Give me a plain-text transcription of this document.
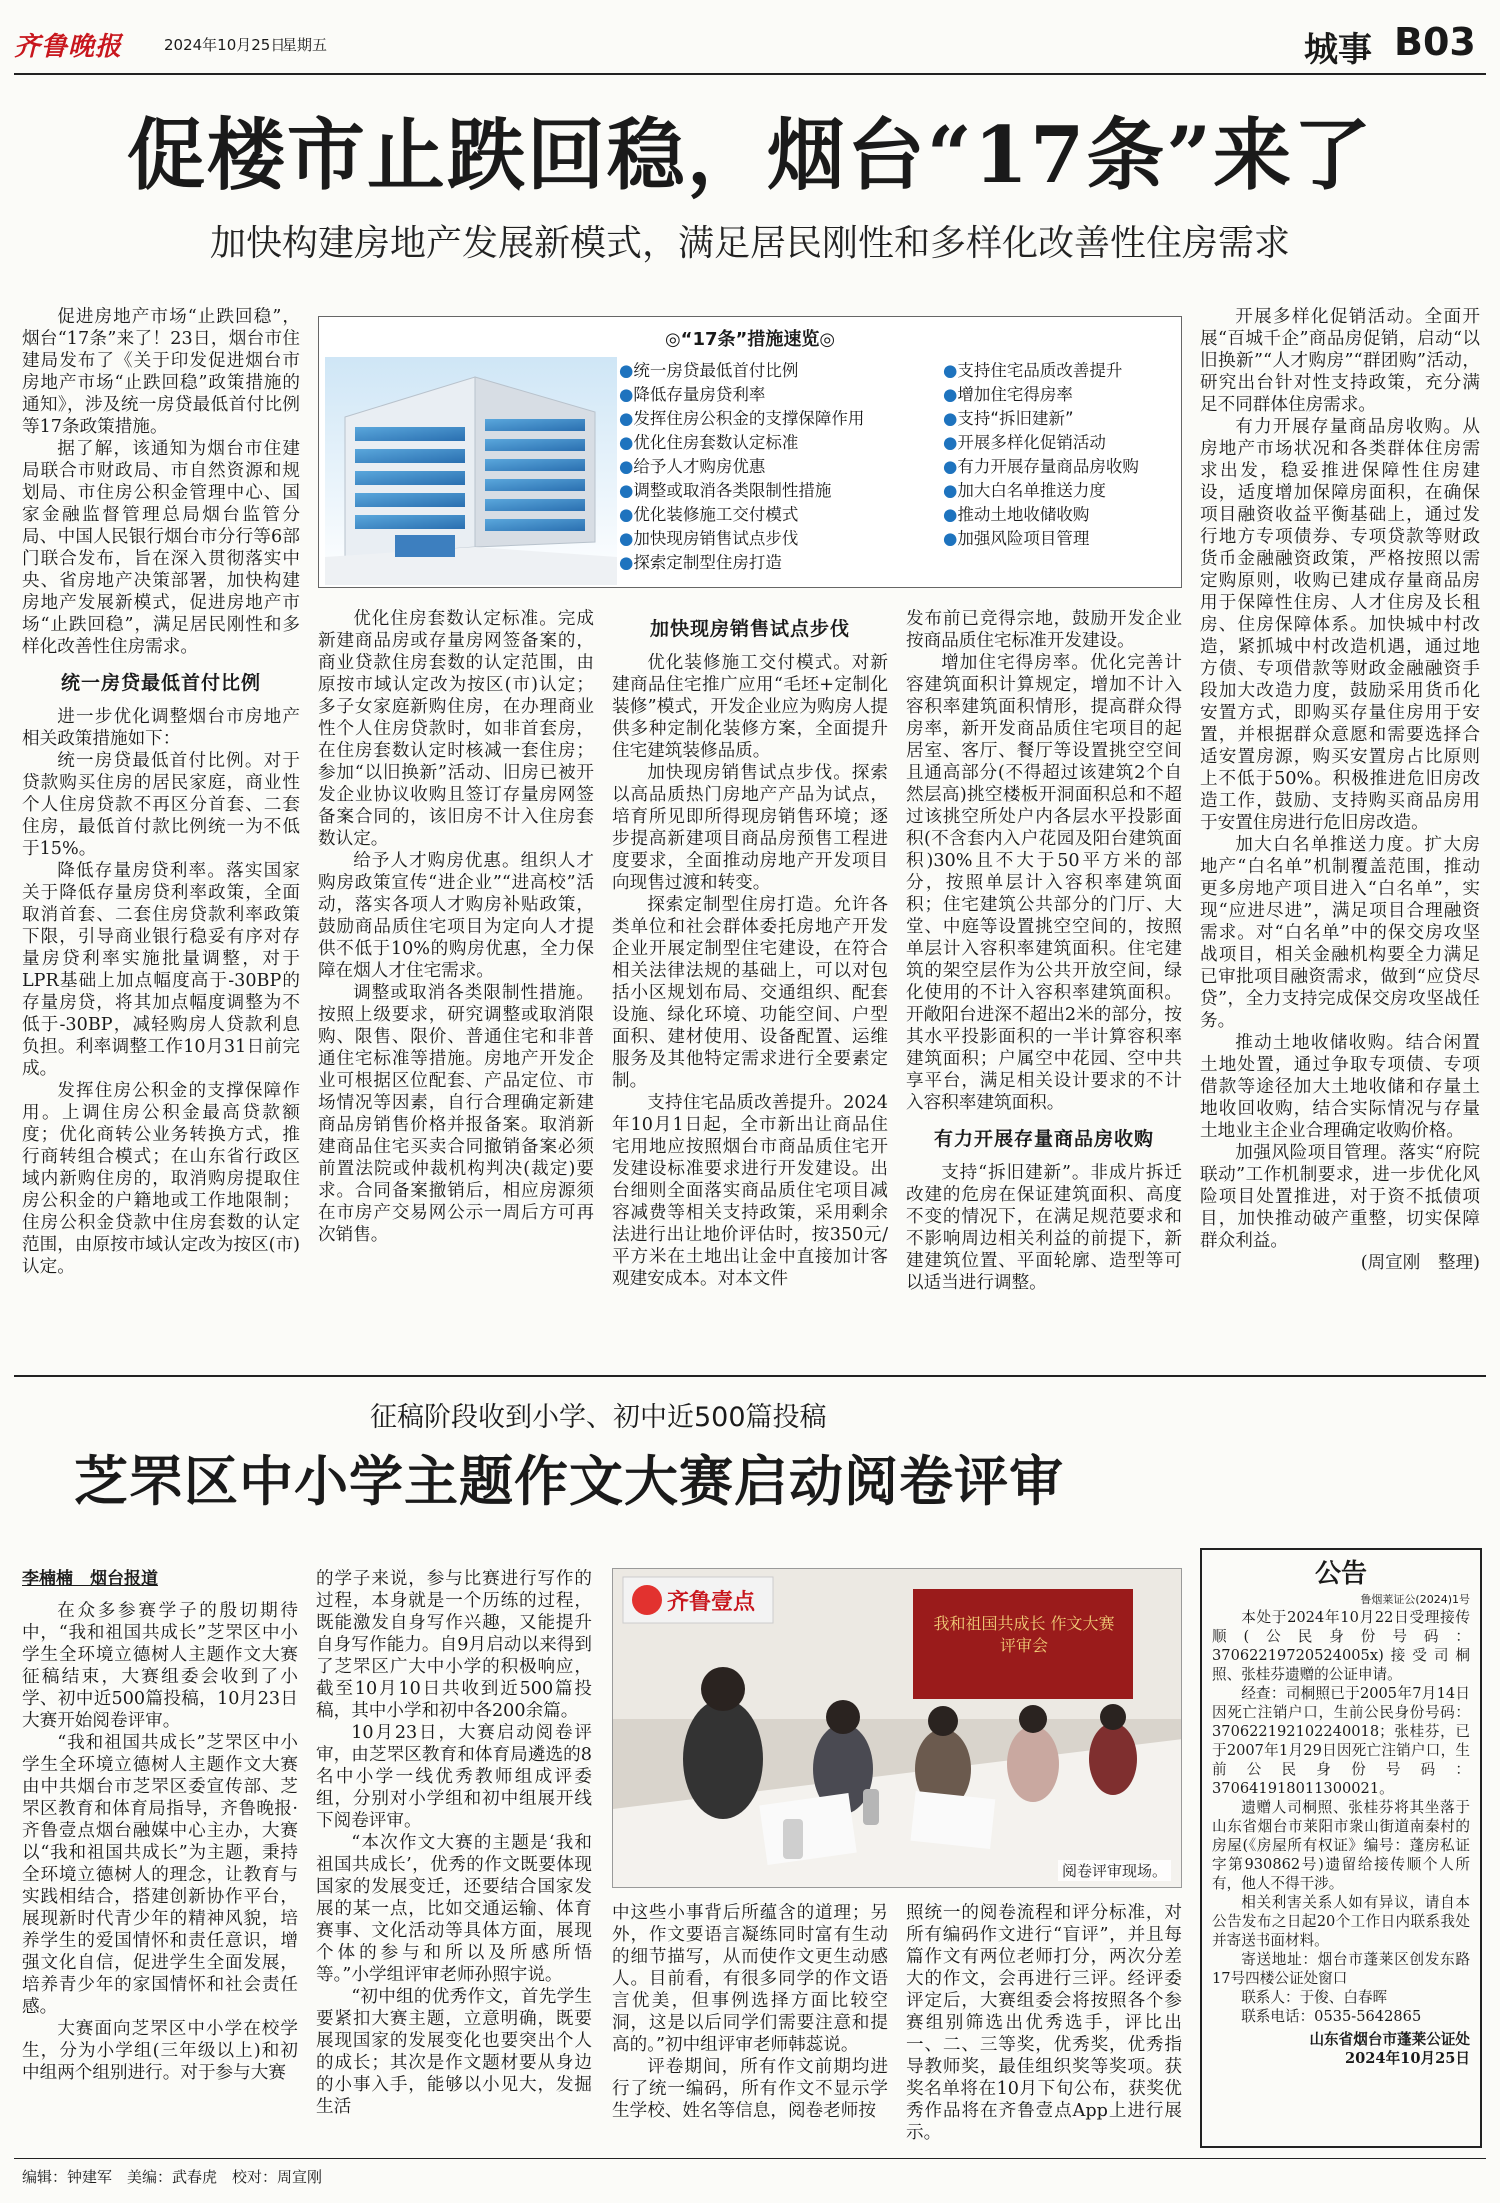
齐鲁晚报	2024年10月25日
星期五	城事 B03
促楼市止跌回稳，烟台“17条”来了
加快构建房地产发展新模式，满足居民刚性和多样化改善性住房需求
◎“17条”措施速览◎
●统一房贷最低首付比例
●降低存量房贷利率
●发挥住房公积金的支撑保障作用
●优化住房套数认定标准
●给予人才购房优惠
●调整或取消各类限制性措施
●优化装修施工交付模式
●加快现房销售试点步伐
●探索定制型住房打造
●支持住宅品质改善提升
●增加住宅得房率
●支持“拆旧建新”
●开展多样化促销活动
●有力开展存量商品房收购
●加大白名单推送力度
●推动土地收储收购
●加强风险项目管理

促进房地产市场“止跌回稳”，烟台“17条”来了！23日，烟台市住建局发布了《关于印发促进烟台市房地产市场“止跌回稳”政策措施的通知》，涉及统一房贷最低首付比例等17条政策措施。

据了解，该通知为烟台市住建局联合市财政局、市自然资源和规划局、市住房公积金管理中心、国家金融监督管理总局烟台监管分局、中国人民银行烟台市分行等6部门联合发布，旨在深入贯彻落实中央、省房地产决策部署，加快构建房地产发展新模式，促进房地产市场“止跌回稳”，满足居民刚性和多样化改善性住房需求。

统一房贷最低首付比例

进一步优化调整烟台市房地产相关政策措施如下：

统一房贷最低首付比例。对于贷款购买住房的居民家庭，商业性个人住房贷款不再区分首套、二套住房，最低首付款比例统一为不低于15%。

降低存量房贷利率。落实国家关于降低存量房贷利率政策，全面取消首套、二套住房贷款利率政策下限，引导商业银行稳妥有序对存量房贷利率实施批量调整，对于LPR基础上加点幅度高于-30BP的存量房贷，将其加点幅度调整为不低于-30BP，减轻购房人贷款利息负担。利率调整工作10月31日前完成。

发挥住房公积金的支撑保障作用。上调住房公积金最高贷款额度；优化商转公业务转换方式，推行商转组合模式；在山东省行政区域内新购住房的，取消购房提取住房公积金的户籍地或工作地限制；住房公积金贷款中住房套数的认定范围，由原按市域认定改为按区(市)认定。

优化住房套数认定标准。完成新建商品房或存量房网签备案的，商业贷款住房套数的认定范围，由原按市域认定改为按区(市)认定；多子女家庭新购住房，在办理商业性个人住房贷款时，如非首套房，在住房套数认定时核减一套住房；参加“以旧换新”活动、旧房已被开发企业协议收购且签订存量房网签备案合同的，该旧房不计入住房套数认定。

给予人才购房优惠。组织人才购房政策宣传“进企业”“进高校”活动，落实各项人才购房补贴政策，鼓励商品质住宅项目为定向人才提供不低于10%的购房优惠，全力保障在烟人才住宅需求。

调整或取消各类限制性措施。按照上级要求，研究调整或取消限购、限售、限价、普通住宅和非普通住宅标准等措施。房地产开发企业可根据区位配套、产品定位、市场情况等因素，自行合理确定新建商品房销售价格并报备案。取消新建商品住宅买卖合同撤销备案必须前置法院或仲裁机构判决(裁定)要求。合同备案撤销后，相应房源须在市房产交易网公示一周后方可再次销售。

加快现房销售试点步伐

优化装修施工交付模式。对新建商品住宅推广应用“毛坯+定制化装修”模式，开发企业应为购房人提供多种定制化装修方案，全面提升住宅建筑装修品质。

加快现房销售试点步伐。探索以高品质热门房地产产品为试点，培育所见即所得现房销售环境；逐步提高新建项目商品房预售工程进度要求，全面推动房地产开发项目向现售过渡和转变。

探索定制型住房打造。允许各类单位和社会群体委托房地产开发企业开展定制型住宅建设，在符合相关法律法规的基础上，可以对包括小区规划布局、交通组织、配套设施、绿化环境、功能空间、户型面积、建材使用、设备配置、运维服务及其他特定需求进行全要素定制。

支持住宅品质改善提升。2024年10月1日起，全市新出让商品住宅用地应按照烟台市商品质住宅开发建设标准要求进行开发建设。出台细则全面落实商品质住宅项目减容减费等相关支持政策，采用剩余法进行出让地价评估时，按350元/平方米在土地出让金中直接加计客观建安成本。对本文件

发布前已竞得宗地，鼓励开发企业按商品质住宅标准开发建设。

增加住宅得房率。优化完善计容建筑面积计算规定，增加不计入容积率建筑面积情形，提高群众得房率，新开发商品质住宅项目的起居室、客厅、餐厅等设置挑空空间且通高部分(不得超过该建筑2个自然层高)挑空楼板开洞面积总和不超过该挑空所处户内各层水平投影面积(不含套内入户花园及阳台建筑面积)30%且不大于50平方米的部分，按照单层计入容积率建筑面积；住宅建筑公共部分的门厅、大堂、中庭等设置挑空空间的，按照单层计入容积率建筑面积。住宅建筑的架空层作为公共开放空间，绿化使用的不计入容积率建筑面积。开敞阳台进深不超出2米的部分，按其水平投影面积的一半计算容积率建筑面积；户属空中花园、空中共享平台，满足相关设计要求的不计入容积率建筑面积。

有力开展存量商品房收购

支持“拆旧建新”。非成片拆迁改建的危房在保证建筑面积、高度不变的情况下，在满足规范要求和不影响周边相关利益的前提下，新建建筑位置、平面轮廓、造型等可以适当进行调整。

开展多样化促销活动。全面开展“百城千企”商品房促销，启动“以旧换新”“人才购房”“群团购”活动，研究出台针对性支持政策，充分满足不同群体住房需求。

有力开展存量商品房收购。从房地产市场状况和各类群体住房需求出发，稳妥推进保障性住房建设，适度增加保障房面积，在确保项目融资收益平衡基础上，通过发行地方专项债券、专项贷款等财政货币金融融资政策，严格按照以需定购原则，收购已建成存量商品房用于保障性住房、人才住房及长租房、住房保障体系。加快城中村改造，紧抓城中村改造机遇，通过地方债、专项借款等财政金融融资手段加大改造力度，鼓励采用货币化安置方式，即购买存量住房用于安置，并根据群众意愿和需要选择合适安置房源，购买安置房占比原则上不低于50%。积极推进危旧房改造工作，鼓励、支持购买商品房用于安置住房进行危旧房改造。

加大白名单推送力度。扩大房地产“白名单”机制覆盖范围，推动更多房地产项目进入“白名单”，实现“应进尽进”，满足项目合理融资需求。对“白名单”中的保交房攻坚战项目，相关金融机构要全力满足已审批项目融资需求，做到“应贷尽贷”，全力支持完成保交房攻坚战任务。

推动土地收储收购。结合闲置土地处置，通过争取专项债、专项借款等途径加大土地收储和存量土地收回收购，结合实际情况与存量土地业主企业合理确定收购价格。

加强风险项目管理。落实“府院联动”工作机制要求，进一步优化风险项目处置推进，对于资不抵债项目，加快推动破产重整，切实保障群众利益。

(周宣刚　整理)
征稿阶段收到小学、初中近500篇投稿
芝罘区中小学主题作文大赛启动阅卷评审
李楠楠　烟台报道

在众多参赛学子的殷切期待中，“我和祖国共成长”芝罘区中小学生全环境立德树人主题作文大赛征稿结束，大赛组委会收到了小学、初中近500篇投稿，10月23日大赛开始阅卷评审。

“我和祖国共成长”芝罘区中小学生全环境立德树人主题作文大赛由中共烟台市芝罘区委宣传部、芝罘区教育和体育局指导，齐鲁晚报·齐鲁壹点烟台融媒中心主办，大赛以“我和祖国共成长”为主题，秉持全环境立德树人的理念，让教育与实践相结合，搭建创新协作平台，展现新时代青少年的精神风貌，培养学生的爱国情怀和责任意识，增强文化自信，促进学生全面发展，培养青少年的家国情怀和社会责任感。

大赛面向芝罘区中小学在校学生，分为小学组(三年级以上)和初中组两个组别进行。对于参与大赛

的学子来说，参与比赛进行写作的过程，本身就是一个历练的过程，既能激发自身写作兴趣，又能提升自身写作能力。自9月启动以来得到了芝罘区广大中小学的积极响应，截至10月10日共收到近500篇投稿，其中小学和初中各200余篇。

10月23日，大赛启动阅卷评审，由芝罘区教育和体育局遴选的8名中小学一线优秀教师组成评委组，分别对小学组和初中组展开线下阅卷评审。

“本次作文大赛的主题是‘我和祖国共成长’，优秀的作文既要体现国家的发展变迁，还要结合国家发展的某一点，比如交通运输、体育赛事、文化活动等具体方面，展现个体的参与和所以及所感所悟等。”小学组评审老师孙照宇说。

“初中组的优秀作文，首先学生要紧扣大赛主题，立意明确，既要展现国家的发展变化也要突出个人的成长；其次是作文题材要从身边的小事入手，能够以小见大，发掘生活

齐鲁壹点
我和祖国共成长 作文大赛评审会
阅卷评审现场。

中这些小事背后所蕴含的道理；另外，作文要语言凝练同时富有生动的细节描写，从而使作文更生动感人。目前看，有很多同学的作文语言优美，但事例选择方面比较空洞，这是以后同学们需要注意和提高的。”初中组评审老师韩蕊说。

评卷期间，所有作文前期均进行了统一编码，所有作文不显示学生学校、姓名等信息，阅卷老师按

照统一的阅卷流程和评分标准，对所有编码作文进行“盲评”，并且每篇作文有两位老师打分，两次分差大的作文，会再进行三评。经评委评定后，大赛组委会将按照各个参赛组别筛选出优秀选手，评比出一、二、三等奖，优秀奖，优秀指导教师奖，最佳组织奖等奖项。获奖名单将在10月下旬公布，获奖优秀作品将在齐鲁壹点App上进行展示。

公告
鲁烟莱证公(2024)1号

本处于2024年10月22日受理接传顺(公民身份号码：37062219720524005x)接受司桐照、张桂芬遗赠的公证申请。

经查：司桐照已于2005年7月14日因死亡注销户口，生前公民身份号码：370622192102240018；张桂芬，已于2007年1月29日因死亡注销户口，生前公民身份号码：370641918011300021。

遗赠人司桐照、张桂芬将其坐落于山东省烟台市莱阳市衆山街道南秦村的房屋(《房屋所有权证》编号：蓬房私证字第930862号)遗留给接传顺个人所有，他人不得干涉。

相关利害关系人如有异议，请自本公告发布之日起20个工作日内联系我处并寄送书面材料。

寄送地址：烟台市蓬莱区创发东路17号四楼公证处窗口

联系人：于俊、白春晖

联系电话：0535-5642865

山东省烟台市蓬莱公证处

2024年10月25日

编辑：钟建军　美编：武春虎　校对：周宣刚
